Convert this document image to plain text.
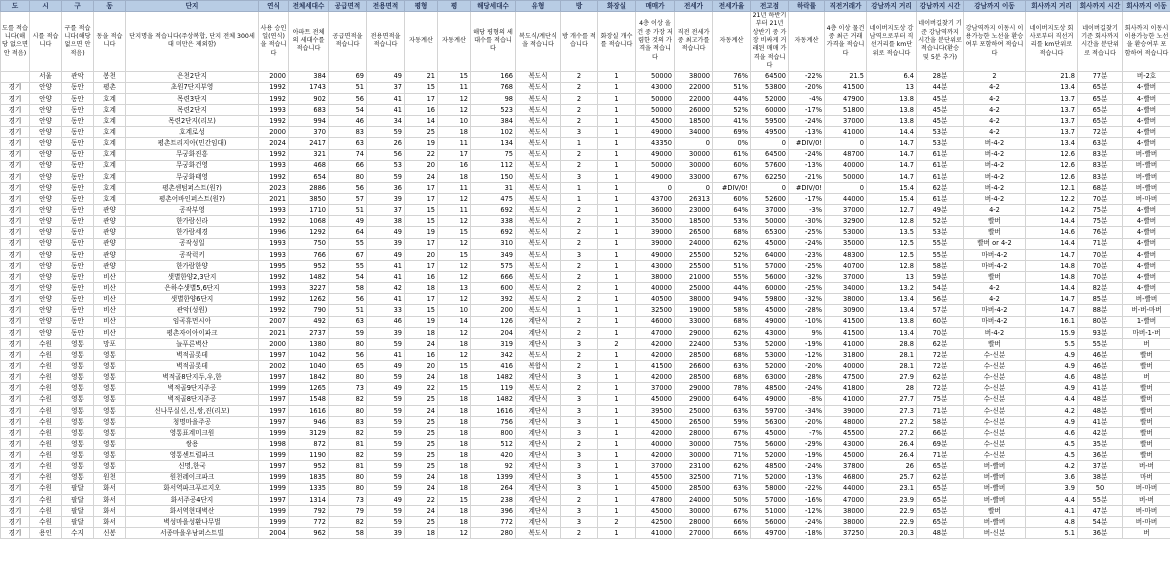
도	시	구	동	단지	연식	전체세대수	공급면적	전용면적	평형	평	해당세대수	유형	방	화장실	매매가	전세가	전세가율	전고점	하락률	직전거래가	강남까지 거리	강남까지 시간	강남까지 이동	회사까지 거리	회사까지 시간	회사까지 이동
도를 적습니다(해당 없으면 안 적음)	시를 적습니다	구를 적습니다(해당 없으면 안 적음)	동을 적습니다	단지명을 적습니다(주상복합, 단지 전체 300세대 미만은 제외함)	사용 승인일(연식)을 적습니다	아파트 전체의 세대수를 적습니다	공급면적을 적습니다	전용면적을 적습니다	자동계산	자동계산	해당 평형의 세대수를 적습니다	복도식/계단식을 적습니다	방 개수를 적습니다	화장실 개수를 적습니다	4층 이상 올 건 중 가장 저렴한 것의 가격을 적습니다	직전 전세가 중 최고가를 적습니다	자동계산	21년 하반기부터 21년 상반기 중 가장 비싸게 거래된 매매 가격을 적습니다	자동계산	4층 이상 물건 중 최근 거래 가격을 적습니다	네이버지도상 강남역으로부터 직선거리를 km단위로 적습니다	네이버길찾기 기준 강남역까지 시간을 분단위로 적습니다(환승 및 5분 추가)	강남역까지 이동시 이용가능한 노선을 환승여부 포함하여 적습니다	네이버지도상 회사로부터 직선거리를 km단위로 적습니다	네이버길찾기 기준 회사까지 시간을 분단위로 적습니다	회사까지 이동시 이용가능한 노선을 환승여부 포함하여 적습니다
	서울	관악	봉천	은천2단지	2000	384	69	49	21	15	166	복도식	2	1	50000	38000	76%	64500	-22%	21.5	6.4	28분	2	21.8	77분	버-2호
경기	안양	동안	평촌	초원7단지부영	1992	1743	51	37	15	11	768	복도식	2	1	43000	22000	51%	53800	-20%	41500	13	44분	4-2	13.4	65분	4-빨버
경기	안양	동안	호계	목련3단지	1992	902	56	41	17	12	98	복도식	2	1	50000	22000	44%	52000	-4%	47900	13.8	45분	4-2	13.7	65분	4-빨버
경기	안양	동안	호계	목련2단지	1993	683	54	41	16	12	523	복도식	2	1	50000	26000	52%	60000	-17%	51800	13.8	45분	4-2	13.7	65분	4-빨버
경기	안양	동안	호계	목련2단지(리모)	1992	994	46	34	14	10	384	복도식	2	1	45000	18500	41%	59500	-24%	37000	13.8	45분	4-2	13.7	65분	4-빨버
경기	안양	동안	호계	호계로성	2000	370	83	59	25	18	102	복도식	3	1	49000	34000	69%	49500	-13%	41000	14.4	53분	4-2	13.7	72분	4-빨버
경기	안양	동안	호계	평촌트리지아(민간임대)	2024	2417	63	26	19	11	134	복도식	1	1	43350	0	0%	0	#DIV/0!	0	14.7	53분	버-4-2	13.4	63분	4-빨버
경기	안양	동안	호계	무궁화진흥	1992	321	74	56	22	17	75	복도식	2	1	49000	30000	61%	64500	-24%	48700	14.7	61분	버-4-2	12.6	83분	버-빨버
경기	안양	동안	호계	무궁화건영	1993	468	66	53	20	16	112	복도식	2	1	50000	30000	60%	57600	-13%	40000	14.7	61분	버-4-2	12.6	83분	버-빨버
경기	안양	동안	호계	무궁화태영	1992	654	80	59	24	18	150	복도식	3	1	49000	33000	67%	62250	-21%	50000	14.7	61분	버-4-2	12.6	83분	버-빨버
경기	안양	동안	호계	평촌센텀퍼스트(원?)	2023	2886	56	36	17	11	31	복도식	1	1	0	0	#DIV/0!	0	#DIV/0!	0	15.4	62분	버-4-2	12.1	68분	버-빨버
경기	안양	동안	호계	평촌어바인퍼스트(원?)	2021	3850	57	39	17	12	475	복도식	1	1	43700	26313	60%	52600	-17%	44000	15.4	61분	버-4-2	12.2	70분	버-마버
경기	안양	동안	관양	공작부영	1993	1710	51	37	15	11	692	복도식	2	1	36000	23000	64%	37000	-3%	37000	12.7	49분	4-2	14.2	75분	4-빨버
경기	안양	동안	관양	한가람신라	1992	1068	49	38	15	12	338	복도식	2	1	35000	18500	53%	50000	-30%	32900	12.8	52분	빨버	14.4	75분	4-빨버
경기	안양	동안	관양	한가람세경	1996	1292	64	49	19	15	692	복도식	2	1	39000	26500	68%	65300	-25%	53000	13.5	53분	빨버	14.6	76분	4-빨버
경기	안양	동안	관양	공작성일	1993	750	55	39	17	12	310	복도식	2	1	39000	24000	62%	45000	-24%	35000	12.5	55분	빨버 or 4-2	14.4	71분	4-빨버
경기	안양	동안	관양	공작럭키	1993	766	67	49	20	15	349	복도식	3	1	49000	25500	52%	64000	-23%	48300	12.5	55분	마버-4-2	14.7	70분	4-빨버
경기	안양	동안	관양	한가람한양	1995	952	55	41	17	12	575	복도식	2	1	43000	25500	51%	57000	-25%	40700	12.8	58분	마버-4-2	14.8	70분	4-빨버
경기	안양	동안	비산	샛별한양2,3단지	1992	1482	54	41	16	12	666	복도식	2	1	38000	21000	55%	56000	-32%	37000	13	59분	빨버	14.8	70분	4-빨버
경기	안양	동안	비산	은하수샛별5,6단지	1993	3227	58	42	18	13	600	복도식	2	1	40000	25000	44%	60000	-25%	34000	13.2	54분	4-2	14.4	82분	4-빨버
경기	안양	동안	비산	샛별한양6단지	1992	1262	56	41	17	12	392	복도식	2	1	40500	38000	94%	59800	-32%	38000	13.4	56분	4-2	14.7	85분	버-빨버
경기	안양	동안	비산	관악(성원)	1992	790	51	33	15	10	200	복도식	1	1	32500	19000	58%	45000	-28%	30900	13.4	57분	마버-4-2	14.7	88분	버-버-마버
경기	안양	동안	비산	임곡휴먼시아	2007	492	63	46	19	14	126	계단식	2	1	46000	33000	68%	49000	-10%	41500	13.8	60분	마버-4-2	16.1	80분	1-빨버
경기	안양	동안	비산	평촌자이아이파크	2021	2737	59	39	18	12	204	계단식	2	1	47000	29000	62%	43000	9%	41500	13.4	70분	버-4-2	15.9	93분	마버-1-버
경기	수원	영통	망포	늘푸른벽산	2000	1380	80	59	24	18	319	계단식	3	2	42000	22400	53%	52000	-19%	41000	28.8	62분	빨버	5.5	55분	버
경기	수원	영통	영통	벽적골롯데	1997	1042	56	41	16	12	342	복도식	2	1	42000	28500	68%	53000	-12%	31800	28.1	72분	수-신분	4.9	46분	빨버
경기	수원	영통	영통	벽적골롯데	2002	1040	65	49	20	15	416	복합식	2	1	41500	26600	63%	52000	-20%	40000	28.1	72분	수-신분	4.9	46분	빨버
경기	수원	영통	영통	벽적골8단지두,우,한	1997	1842	80	59	24	18	1482	계단식	3	1	42000	28500	68%	63000	-28%	47500	27.9	62분	수-신분	4.6	48분	버
경기	수원	영통	영통	벽적골9단지주공	1999	1265	73	49	22	15	119	복도식	2	1	37000	29000	78%	48500	-24%	41800	28	72분	수-신분	4.9	41분	빨버
경기	수원	영통	영통	벽적골8단지주공	1997	1548	82	59	25	18	1482	계단식	3	1	45000	29000	64%	49000	-8%	41000	27.7	75분	수-신분	4.4	48분	빨버
경기	수원	영통	영통	신나무실신,신,쌍,진(리모)	1997	1616	80	59	24	18	1616	계단식	3	1	39500	25000	63%	59700	-34%	39000	27.3	71분	수-신분	4.2	48분	빨버
경기	수원	영통	영통	청명마을주공	1997	946	83	59	25	18	756	계단식	3	1	45000	26500	59%	56300	-20%	48000	27.2	58분	수-신분	4.9	41분	빨버
경기	수원	영통	영통	영통표계미크원	1999	3129	82	59	25	18	800	계단식	3	1	42000	28000	67%	45000	-7%	45500	27.2	66분	수-신분	4.6	42분	빨버
경기	수원	영통	영통	쌍용	1998	872	81	59	25	18	512	계단식	2	1	40000	30000	75%	56000	-29%	43000	26.4	69분	수-신분	4.5	35분	빨버
경기	수원	영통	영통	영통센트럴파크	1999	1190	82	59	25	18	420	계단식	3	1	42000	30000	71%	52000	-19%	45000	26.4	71분	수-신분	4.5	36분	빨버
경기	수원	영통	영통	신명,한국	1997	952	81	59	25	18	92	계단식	3	1	37000	23100	62%	48500	-24%	37800	26	65분	버-빨버	4.2	37분	버-버
경기	수원	영통	원천	원천레이크파크	1999	1835	80	59	24	18	1399	계단식	3	1	45500	32500	71%	52000	-13%	46800	25.7	62분	버-빨버	3.6	38분	마버
경기	수원	팔달	화서	화서역파크푸르지오	1999	1335	80	59	24	18	264	계단식	3	1	45000	28500	63%	58000	-22%	44000	23.1	65분	버-빨버	3.9	50	버-마버
경기	수원	팔달	화서	화서주공4단지	1997	1314	73	49	22	15	238	계단식	2	1	47800	24000	50%	57000	-16%	47000	23.9	65분	버-빨버	4.4	55분	버-버
경기	수원	팔달	화서	화서역현대벽산	1999	792	79	59	24	18	396	계단식	3	1	45000	30000	67%	51000	-12%	38000	22.9	65분	빨버	4.1	47분	버-마버
경기	수원	팔달	화서	벽성마을성환나무벌	1999	772	82	59	25	18	772	계단식	3	2	42500	28000	66%	56000	-24%	38000	22.9	65분	버-빨버	4.8	54분	버-마버
경기	용인	수지	신봉	서종마을우남퍼스트빌	2004	962	58	39	18	12	280	복도식	2	1	41000	27000	66%	49700	-18%	37250	20.3	48분	버-신분	5.1	36분	버
